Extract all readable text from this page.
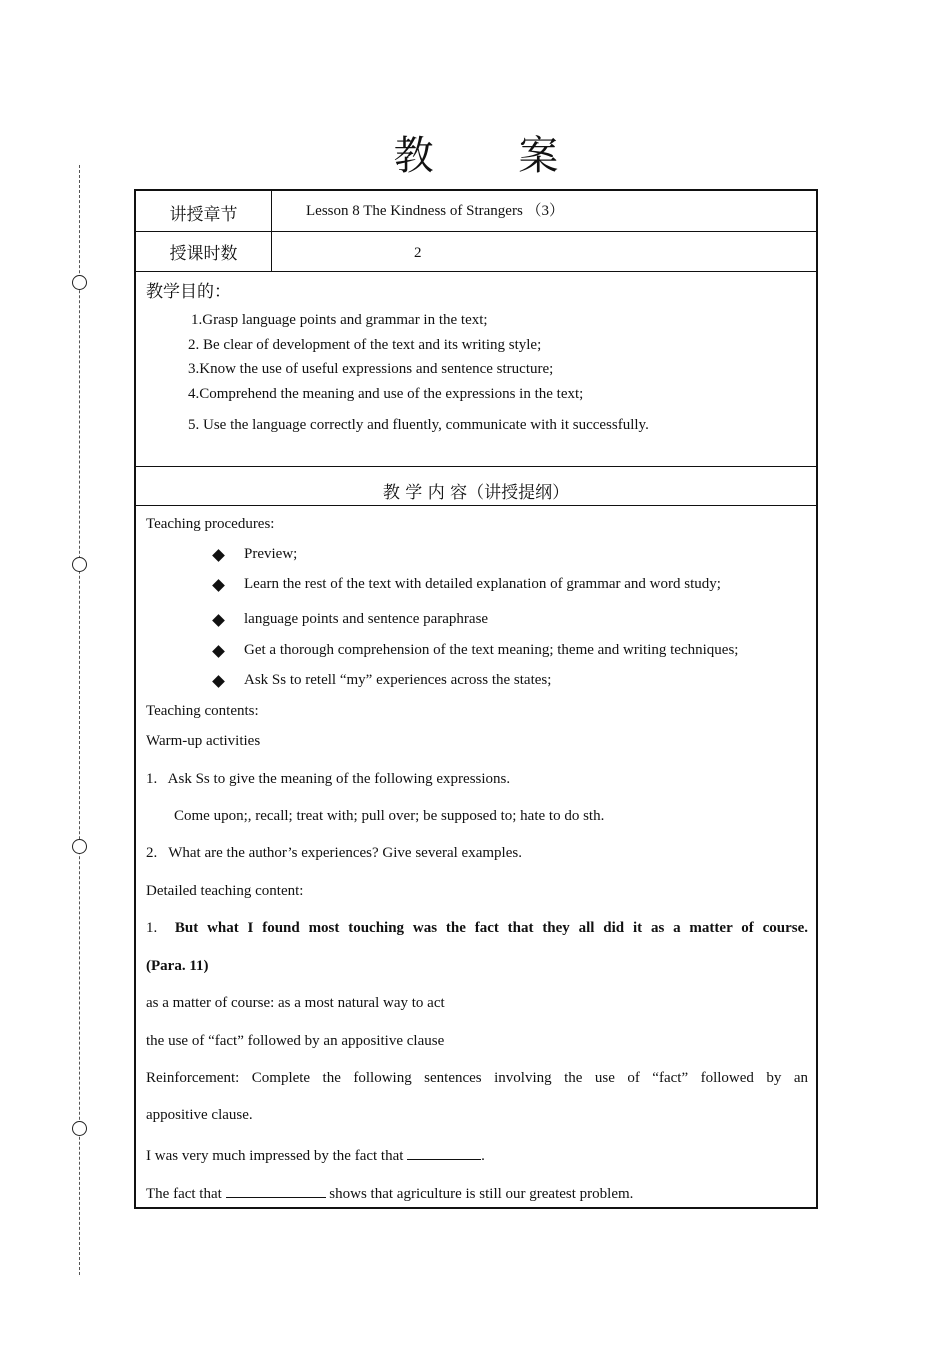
教 案
讲授章节	Lesson 8 The Kindness of Strangers （3）
授课时数	2
教学目的：
1.Grasp language points and grammar in the text;
2. Be clear of development of the text and its writing style;
3.Know the use of useful expressions and sentence structure;
4.Comprehend the meaning and use of the expressions in the text;
5. Use the language correctly and fluently, communicate with it successfully.
教 学 内 容（讲授提纲）
Teaching procedures:
Preview;
Learn the rest of the text with detailed explanation of grammar and word study;
language points and sentence paraphrase
Get a thorough comprehension of the text meaning; theme and writing techniques;
Ask Ss to retell “my” experiences across the states;
Teaching contents:
Warm-up activities
1.   Ask Ss to give the meaning of the following expressions.
Come upon;, recall; treat with; pull over; be supposed to; hate to do sth.
2.   What are the author’s experiences? Give several examples.
Detailed teaching content:
1. But what I found most touching was the fact that they all did it as a matter of course.
(Para. 11)
as a matter of course: as a most natural way to act
the use of “fact” followed by an appositive clause
Reinforcement: Complete the following sentences involving the use of “fact” followed by an
appositive clause.
I was very much impressed by the fact that	.
The fact that	shows that agriculture is still our greatest problem.
